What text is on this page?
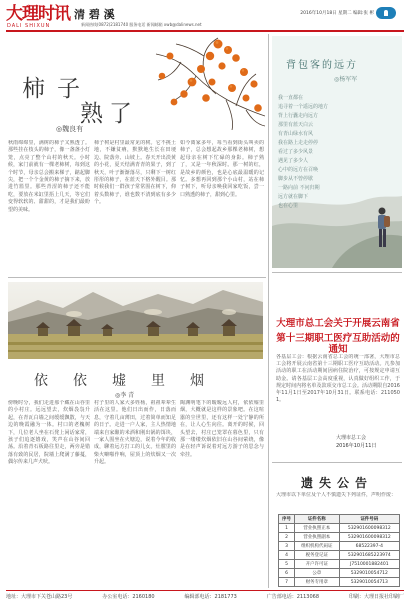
大理时讯
DALI SHIXUN
清 碧 溪
新闻热线(0872)2181740 服务电话 新闻邮箱 xwb@dalinews.net
2016年10月18日 星期二 编辑:张 彬
柿子
熟了
◎魏良有
秋雨绵绵里，满树的柿子又熟透了。那些挂在枝头的柿子，像一盏盏小灯笼，点亮了整个山村的秋天。小时候，家门前就有一棵老柿树，每到这个时节，母亲总会搬来梯子，踮起脚尖，把一个个金黄的柿子摘下来，放进竹篮里。那些青涩的柿子还不能吃，要放在米缸里捂上几天，等它们变得软软的、甜甜的，才是我们最盼望的美味。
柿子树是村里最常见的树。它不挑土地，不嫌贫瘠，默默地生长在田埂边、院落旁、山坡上。春天开出淡黄的小花，夏天结满青青的果子，到了秋天，叶子渐渐落尽，只剩下一树红彤彤的柿子，在蓝天下格外醒目。那时候我们一群孩子常常围在树下，仰着头数柿子，谁也数不清到底有多少个。
如今离家多年，每当看到街头叫卖的柿子，总会想起故乡那棵老柿树，想起母亲在树下忙碌的身影。柿子熟了，又是一年秋深时。那一树的红，是故乡的颜色，也是心底最温暖的记忆。多想再回到那个小山村，站在柿子树下，听母亲唤我回家吃饭，尝一口熟透的柿子，甜到心里。
依依墟里烟
◎李 青
傍晚时分，我们走进那个藏在山谷里的小村庄。远远望去，炊烟袅袅升起，在青瓦白墙之间缓缓飘散，与天边的晚霞融为一体。村口的老槐树下，几位老人坐在石凳上闲话家常，孩子们追逐嬉戏，笑声在山谷间回荡。沿着青石板路往里走，两旁是错落有致的民居，院墙上爬满了藤蔓，偶尔传来几声犬吠。
村子里的人家大多姓杨，祖祖辈辈生活在这里。他们日出而作，日落而息，守着几亩薄田，过着简单而知足的日子。走进一户人家，主人热情地端来自家酿的米酒和刚出锅的饵块，一家人围坐在火塘边，说着今年的收成，聊着远方打工的儿女。灶膛里的柴火噼啪作响，屋顶上的炊烟又一次升起。
陶渊明笔下的暧暧远人村，依依墟里烟，大概就是这样的景象吧。在这喧嚣的尘世里，还有这样一处宁静的所在，让人心生向往。离开的时候，回头望去，村庄已笼罩在暮色里，只有那一缕缕炊烟依旧在山谷间萦绕，像是在轻声诉说着对远方游子的思念与牵挂。
背包客的远方
◎杨军军
我一直都在
追寻着一个遥远的地方
背上行囊走向远方
那里有蓝天白云
有青山绿水有风
我在路上走走停停
看过了多少风景
遇见了多少人
心中的远方在召唤
脚步从不曾停歇
一路向前 不问归期
远方就在脚下
也在心里
大理市总工会关于开展云南省
第十三期职工医疗互助活动的通知
各基层工会：根据云南省总工会的统一部署，大理市总工会将开展云南省第十三期职工医疗互助活动。凡参加活动的职工在活动期间因病住院治疗，可按规定申请互助金。请各基层工会高度重视，认真做好组织工作，于规定时间内将名单及款项交市总工会。活动期限自2016年11月1日至2017年10月31日。联系电话：2110501。
大理市总工会
2016年10月11日
遗失公告
大理市以下单位及个人不慎遗失下列证件，声明作废：
序号	证件名称	证件号码
1	营业执照正本	532901600098312
2	营业执照副本	532901600098312
3	组织机构代码证	68522397-4
4	税务登记证	532901685223974
5	开户许可证	J7510001882401
6	公章	5329010054712
7	财务专用章	5329010054713
地址：大理市下关苍山路23号	办公室电话：2160180	编辑部电话：2181773	广告部电话：2113068	印刷：大理日报社印刷厂
